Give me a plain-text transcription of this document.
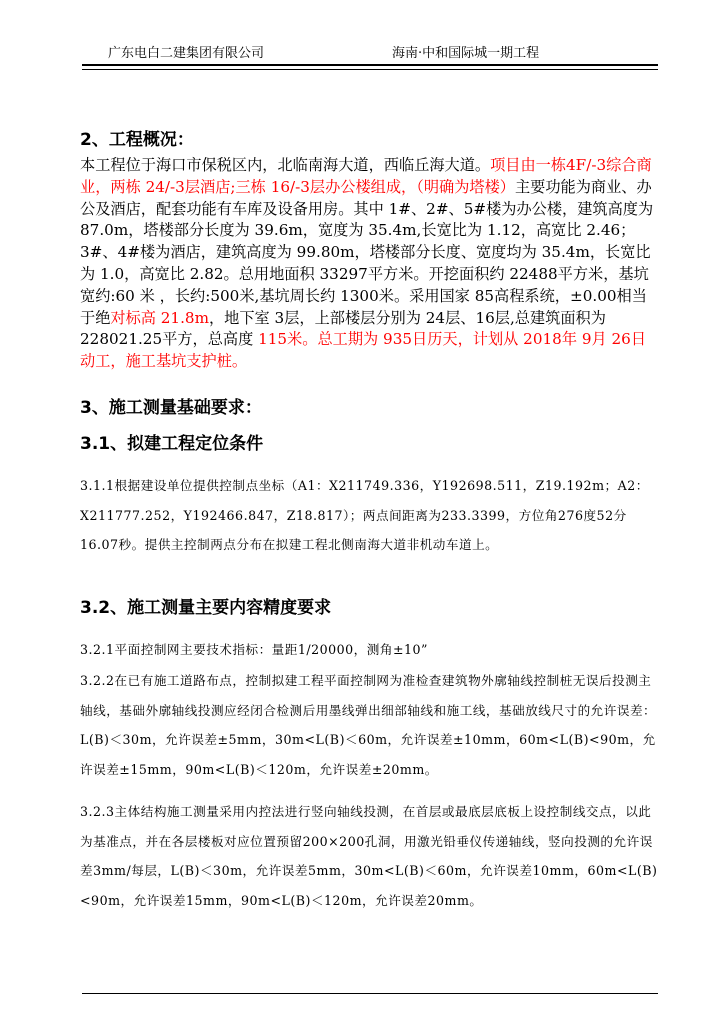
广东电白二建集团有限公司	海南·中和国际城一期工程
2、工程概况：

本工程位于海口市保税区内，北临南海大道，西临丘海大道。项目由一栋4F/-3综合商业，两栋 24/-3层酒店;三栋 16/-3层办公楼组成，（明确为塔楼）主要功能为商业、办公及酒店，配套功能有车库及设备用房。其中 1#、2#、5#楼为办公楼，建筑高度为 87.0m，塔楼部分长度为 39.6m，宽度为 35.4m,长宽比为 1.12，高宽比 2.46；3#、4#楼为酒店，建筑高度为 99.80m，塔楼部分长度、宽度均为 35.4m，长宽比为 1.0，高宽比 2.82。总用地面积 33297平方米。开挖面积约 22488平方米，基坑宽约:60 米 ，长约:500米,基坑周长约 1300米。采用国家 85高程系统，±0.00相当于绝对标高 21.8m，地下室 3层，上部楼层分别为 24层、16层,总建筑面积为 228021.25平方，总高度 115米。总工期为 935日历天，计划从 2018年 9月 26日动工，施工基坑支护桩。

3、施工测量基础要求：
3.1、拟建工程定位条件

3.1.1根据建设单位提供控制点坐标（A1：X211749.336，Y192698.511，Z19.192m；A2：X211777.252，Y192466.847，Z18.817）；两点间距离为233.3399，方位角276度52分16.07秒。提供主控制两点分布在拟建工程北侧南海大道非机动车道上。

3.2、施工测量主要内容精度要求

3.2.1平面控制网主要技术指标：量距1/20000，测角±10”

3.2.2在已有施工道路布点，控制拟建工程平面控制网为准检查建筑物外廓轴线控制桩无误后投测主轴线，基础外廓轴线投测应经闭合检测后用墨线弹出细部轴线和施工线，基础放线尺寸的允许误差：L(B)＜30m，允许误差±5mm，30m<L(B)＜60m，允许误差±10mm，60m<L(B)<90m，允许误差±15mm，90m<L(B)＜120m，允许误差±20mm。

3.2.3主体结构施工测量采用内控法进行竖向轴线投测，在首层或最底层底板上设控制线交点，以此为基准点，并在各层楼板对应位置预留200×200孔洞，用激光铅垂仪传递轴线，竖向投测的允许误差3mm/每层，L(B)＜30m，允许误差5mm，30m<L(B)＜60m，允许误差10mm，60m<L(B)<90m，允许误差15mm，90m<L(B)＜120m，允许误差20mm。
